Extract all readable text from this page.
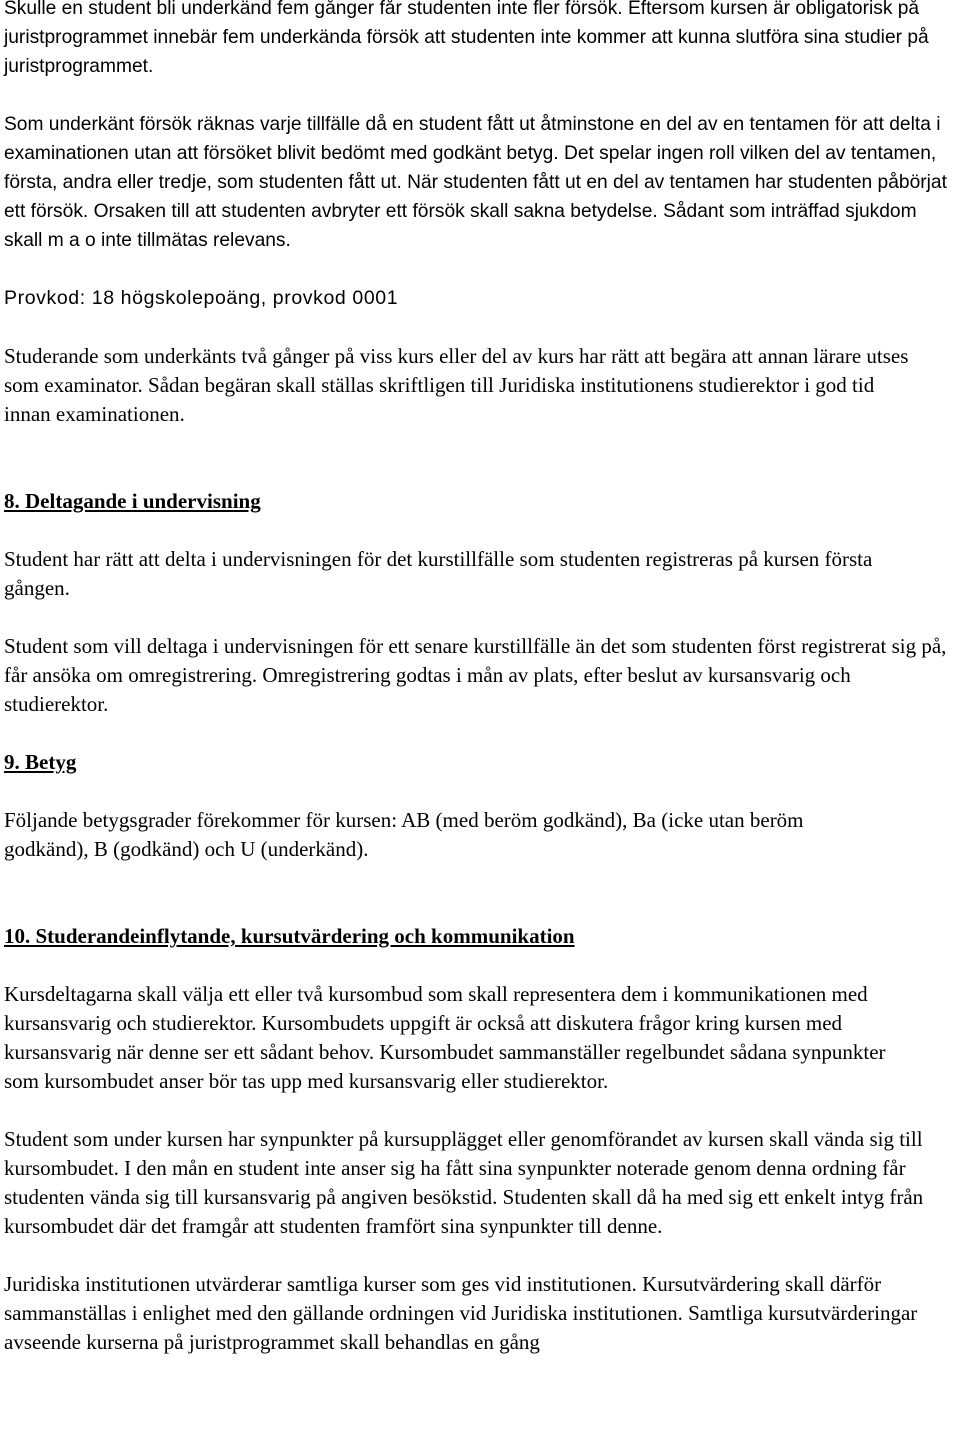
Skulle en student bli underkänd fem gånger får studenten inte fler försök. Eftersom kursen är obligatorisk på juristprogrammet innebär fem underkända försök att studenten inte kommer att kunna slutföra sina studier på juristprogrammet.

Som underkänt försök räknas varje tillfälle då en student fått ut åtminstone en del av en tentamen för att delta i examinationen utan att försöket blivit bedömt med godkänt betyg. Det spelar ingen roll vilken del av tentamen, första, andra eller tredje, som studenten fått ut. När studenten fått ut en del av tentamen har studenten påbörjat ett försök. Orsaken till att studenten avbryter ett försök skall sakna betydelse. Sådant som inträffad sjukdom skall m a o inte tillmätas relevans.

Provkod: 18 högskolepoäng, provkod 0001

Studerande som underkänts två gånger på viss kurs eller del av kurs har rätt att begära att annan lärare utses som examinator. Sådan begäran skall ställas skriftligen till Juridiska institutionens studierektor i god tid innan examinationen.

8. Deltagande i undervisning

Student har rätt att delta i undervisningen för det kurstillfälle som studenten registreras på kursen första gången.

Student som vill deltaga i undervisningen för ett senare kurstillfälle än det som studenten först registrerat sig på, får ansöka om omregistrering. Omregistrering godtas i mån av plats, efter beslut av kursansvarig och studierektor.

9. Betyg

Följande betygsgrader förekommer för kursen: AB (med beröm godkänd), Ba (icke utan beröm godkänd), B (godkänd) och U (underkänd).

10. Studerandeinflytande, kursutvärdering och kommunikation

Kursdeltagarna skall välja ett eller två kursombud som skall representera dem i kommunikationen med kursansvarig och studierektor. Kursombudets uppgift är också att diskutera frågor kring kursen med kursansvarig när denne ser ett sådant behov. Kursombudet sammanställer regelbundet sådana synpunkter som kursombudet anser bör tas upp med kursansvarig eller studierektor.

Student som under kursen har synpunkter på kursupplägget eller genomförandet av kursen skall vända sig till kursombudet. I den mån en student inte anser sig ha fått sina synpunkter noterade genom denna ordning får studenten vända sig till kursansvarig på angiven besökstid. Studenten skall då ha med sig ett enkelt intyg från kursombudet där det framgår att studenten framfört sina synpunkter till denne.

Juridiska institutionen utvärderar samtliga kurser som ges vid institutionen. Kursutvärdering skall därför sammanställas i enlighet med den gällande ordningen vid Juridiska institutionen. Samtliga kursutvärderingar avseende kurserna på juristprogrammet skall behandlas en gång
